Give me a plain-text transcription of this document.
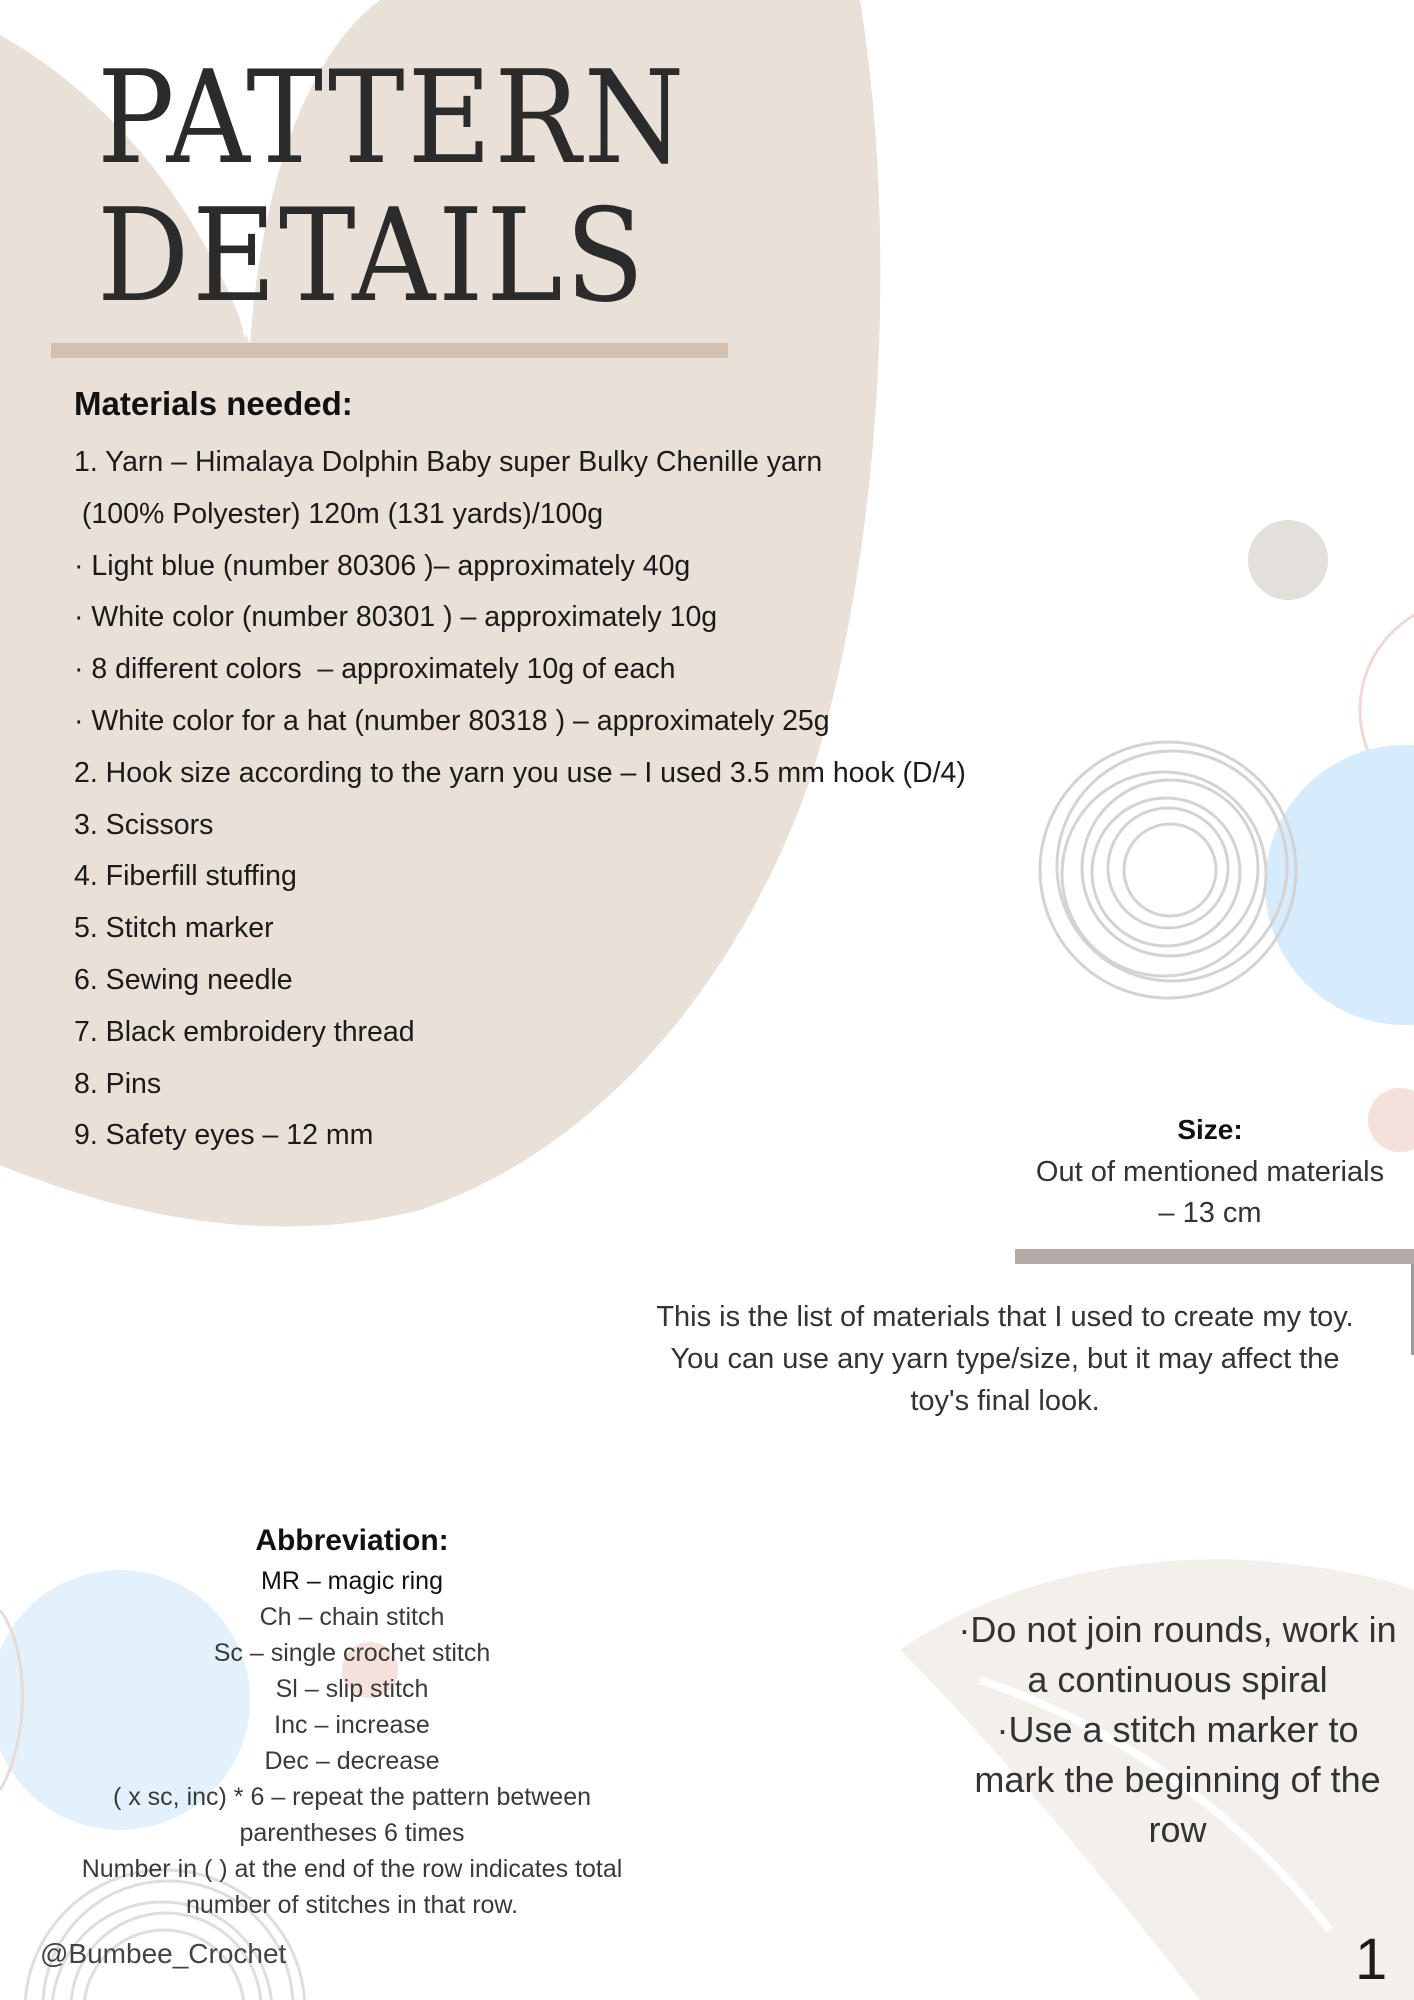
PATTERN
DETAILS
Materials needed:
1. Yarn – Himalaya Dolphin Baby super Bulky Chenille yarn
(100% Polyester) 120m (131 yards)/100g
· Light blue (number 80306 )– approximately 40g
· White color (number 80301 ) – approximately 10g
· 8 different colors  – approximately 10g of each
· White color for a hat (number 80318 ) – approximately 25g
2. Hook size according to the yarn you use – I used 3.5 mm hook (D/4)
3. Scissors
4. Fiberfill stuffing
5. Stitch marker
6. Sewing needle
7. Black embroidery thread
8. Pins
9. Safety eyes – 12 mm	Size:
Out of mentioned materials
– 13 cm
This is the list of materials that I used to create my toy.
You can use any yarn type/size, but it may affect the
toy's final look.
Abbreviation:
MR – magic ring
Ch – chain stitch
Sc – single crochet stitch
Sl – slip stitch
Inc – increase
Dec – decrease
( x sc, inc) * 6 – repeat the pattern between
parentheses 6 times
Number in ( ) at the end of the row indicates total
number of stitches in that row.
·Do not join rounds, work in
a continuous spiral
·Use a stitch marker to
mark the beginning of the
row
@Bumbee_Crochet	1
